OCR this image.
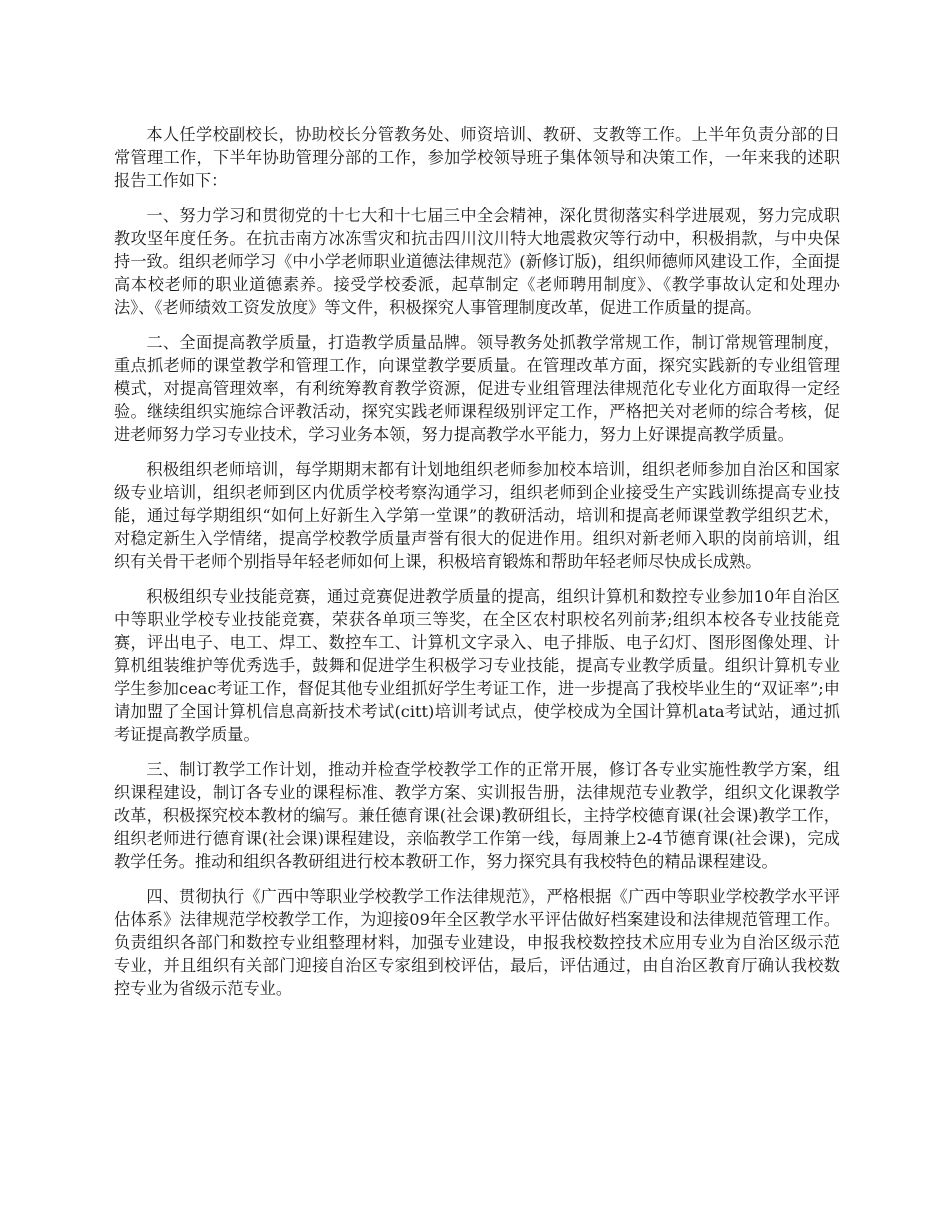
本人任学校副校长，协助校长分管教务处、师资培训、教研、支教等工作。上半年负责分部的日常管理工作，下半年协助管理分部的工作，参加学校领导班子集体领导和决策工作，一年来我的述职报告工作如下：

一、努力学习和贯彻党的十七大和十七届三中全会精神，深化贯彻落实科学进展观，努力完成职教攻坚年度任务。在抗击南方冰冻雪灾和抗击四川汶川特大地震救灾等行动中，积极捐款，与中央保持一致。组织老师学习《中小学老师职业道德法律规范》(新修订版)，组织师德师风建设工作，全面提高本校老师的职业道德素养。接受学校委派，起草制定《老师聘用制度》、《教学事故认定和处理办法》、《老师绩效工资发放度》等文件，积极探究人事管理制度改革，促进工作质量的提高。

二、全面提高教学质量，打造教学质量品牌。领导教务处抓教学常规工作，制订常规管理制度，重点抓老师的课堂教学和管理工作，向课堂教学要质量。在管理改革方面，探究实践新的专业组管理模式，对提高管理效率，有利统筹教育教学资源，促进专业组管理法律规范化专业化方面取得一定经验。继续组织实施综合评教活动，探究实践老师课程级别评定工作，严格把关对老师的综合考核，促进老师努力学习专业技术，学习业务本领，努力提高教学水平能力，努力上好课提高教学质量。

积极组织老师培训，每学期期末都有计划地组织老师参加校本培训，组织老师参加自治区和国家级专业培训，组织老师到区内优质学校考察沟通学习，组织老师到企业接受生产实践训练提高专业技能，通过每学期组织“如何上好新生入学第一堂课”的教研活动，培训和提高老师课堂教学组织艺术，对稳定新生入学情绪，提高学校教学质量声誉有很大的促进作用。组织对新老师入职的岗前培训，组织有关骨干老师个别指导年轻老师如何上课，积极培育锻炼和帮助年轻老师尽快成长成熟。

积极组织专业技能竞赛，通过竞赛促进教学质量的提高，组织计算机和数控专业参加10年自治区中等职业学校专业技能竞赛，荣获各单项三等奖，在全区农村职校名列前茅;组织本校各专业技能竞赛，评出电子、电工、焊工、数控车工、计算机文字录入、电子排版、电子幻灯、图形图像处理、计算机组装维护等优秀选手，鼓舞和促进学生积极学习专业技能，提高专业教学质量。组织计算机专业学生参加ceac考证工作，督促其他专业组抓好学生考证工作，进一步提高了我校毕业生的“双证率”;申请加盟了全国计算机信息高新技术考试(citt)培训考试点，使学校成为全国计算机ata考试站，通过抓考证提高教学质量。

三、制订教学工作计划，推动并检查学校教学工作的正常开展，修订各专业实施性教学方案，组织课程建设，制订各专业的课程标准、教学方案、实训报告册，法律规范专业教学，组织文化课教学改革，积极探究校本教材的编写。兼任德育课(社会课)教研组长，主持学校德育课(社会课)教学工作，组织老师进行德育课(社会课)课程建设，亲临教学工作第一线，每周兼上2-4节德育课(社会课)，完成教学任务。推动和组织各教研组进行校本教研工作，努力探究具有我校特色的精品课程建设。

四、贯彻执行《广西中等职业学校教学工作法律规范》，严格根据《广西中等职业学校教学水平评估体系》法律规范学校教学工作，为迎接09年全区教学水平评估做好档案建设和法律规范管理工作。负责组织各部门和数控专业组整理材料，加强专业建设，申报我校数控技术应用专业为自治区级示范专业，并且组织有关部门迎接自治区专家组到校评估，最后，评估通过，由自治区教育厅确认我校数控专业为省级示范专业。
